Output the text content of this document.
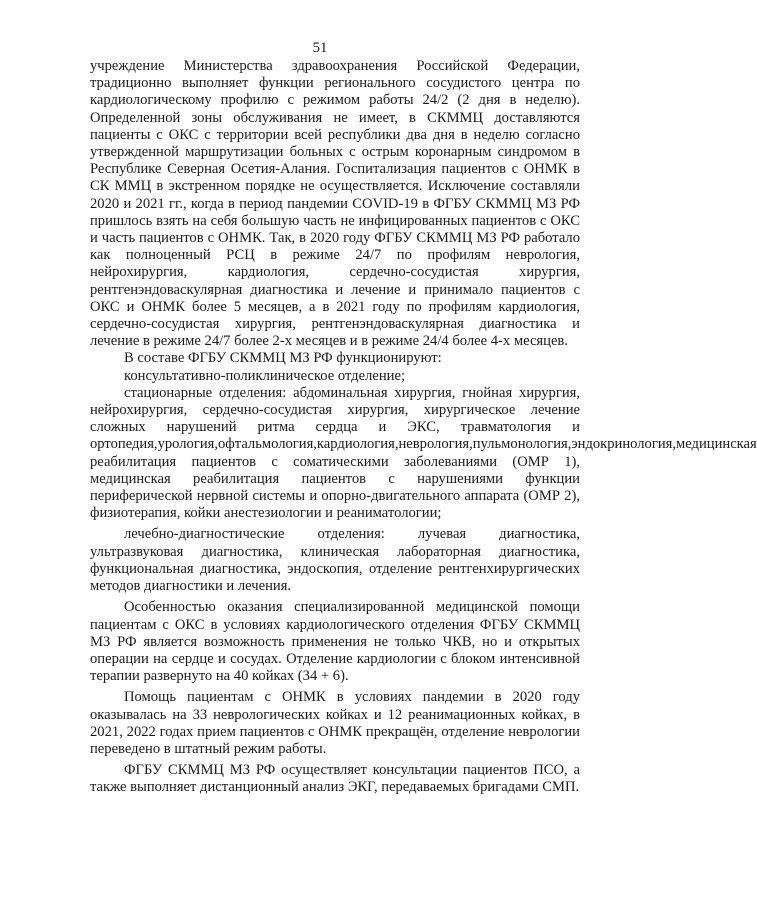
51

учреждение Министерства здравоохранения Российской Федерации, традиционно выполняет функции регионального сосудистого центра по кардиологическому профилю с режимом работы 24/2 (2 дня в неделю). Определенной зоны обслуживания не имеет, в СКММЦ доставляются пациенты с ОКС с территории всей республики два дня в неделю согласно утвержденной маршрутизации больных с острым коронарным синдромом в Республике Северная Осетия-Алания. Госпитализация пациентов с ОНМК в СК ММЦ в экстренном порядке не осуществляется. Исключение составляли 2020 и 2021 гг., когда в период пандемии COVID-19 в ФГБУ СКММЦ МЗ РФ пришлось взять на себя большую часть не инфицированных пациентов с ОКС и часть пациентов с ОНМК. Так, в 2020 году ФГБУ СКММЦ МЗ РФ работало как полноценный РСЦ в режиме 24/7 по профилям неврология, нейрохирургия, кардиология, сердечно-сосудистая хирургия, рентгенэндоваскулярная диагностика и лечение и принимало пациентов с ОКС и ОНМК более 5 месяцев, а в 2021 году по профилям кардиология, сердечно-сосудистая хирургия, рентгенэндоваскулярная диагностика и лечение в режиме 24/7 более 2-х месяцев и в режиме 24/4 более 4-х месяцев.

В составе ФГБУ СКММЦ МЗ РФ функционируют:

консультативно-поликлиническое отделение;

стационарные отделения: абдоминальная хирургия, гнойная хирургия, нейрохирургия, сердечно-сосудистая хирургия, хирургическое лечение сложных нарушений ритма сердца и ЭКС, травматология и ортопедия,урология,офтальмология,кардиология,неврология,пульмонология,эндокринология,медицинская реабилитация пациентов с соматическими заболеваниями (ОМР 1), медицинская реабилитация пациентов с нарушениями функции периферической нервной системы и опорно-двигательного аппарата (ОМР 2), физиотерапия, койки анестезиологии и реаниматологии;

лечебно-диагностические отделения: лучевая диагностика, ультразвуковая диагностика, клиническая лабораторная диагностика, функциональная диагностика, эндоскопия, отделение рентгенхирургических методов диагностики и лечения.

Особенностью оказания специализированной медицинской помощи пациентам с ОКС в условиях кардиологического отделения ФГБУ СКММЦ МЗ РФ является возможность применения не только ЧКВ, но и открытых операции на сердце и сосудах. Отделение кардиологии с блоком интенсивной терапии развернуто на 40 койках (34 + 6).

Помощь пациентам с ОНМК в условиях пандемии в 2020 году оказывалась на 33 неврологических койках и 12 реанимационных койках, в 2021, 2022 годах прием пациентов с ОНМК прекращён, отделение неврологии переведено в штатный режим работы.

ФГБУ СКММЦ МЗ РФ осуществляет консультации пациентов ПСО, а также выполняет дистанционный анализ ЭКГ, передаваемых бригадами СМП.
